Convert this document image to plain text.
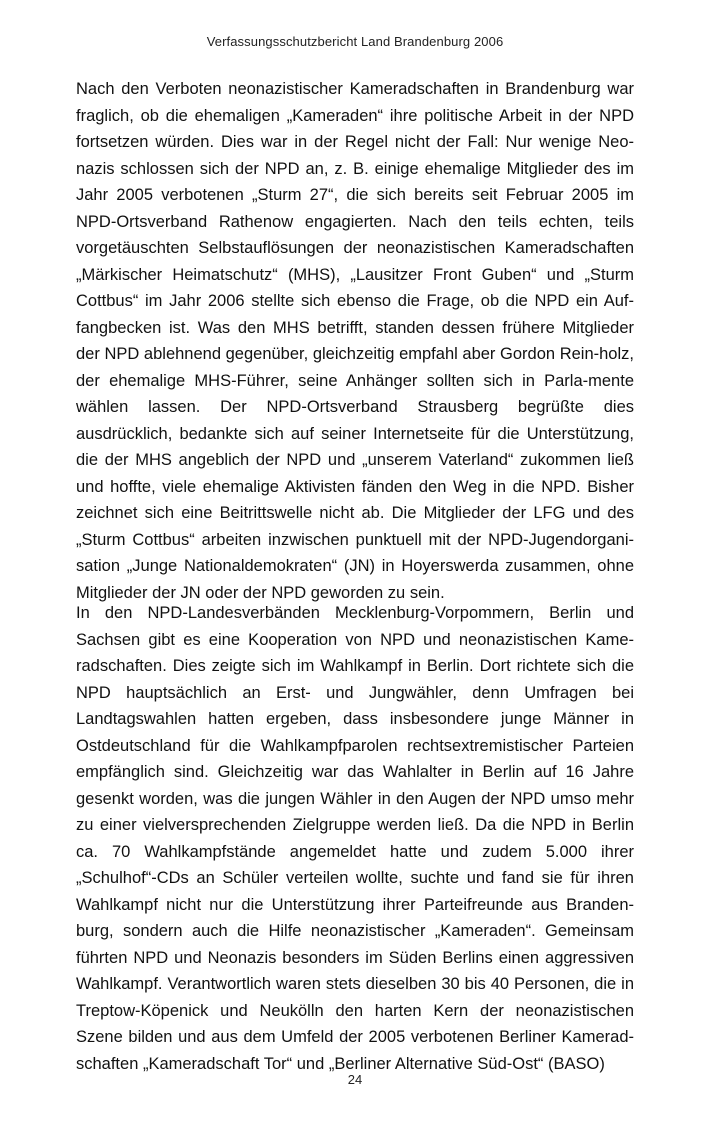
Verfassungsschutzbericht Land Brandenburg 2006

Nach den Verboten neonazistischer Kameradschaften in Brandenburg war fraglich, ob die ehemaligen „Kameraden“ ihre politische Arbeit in der NPD fortsetzen würden. Dies war in der Regel nicht der Fall: Nur wenige Neo-nazis schlossen sich der NPD an, z. B. einige ehemalige Mitglieder des im Jahr 2005 verbotenen „Sturm 27“, die sich bereits seit Februar 2005 im NPD-Ortsverband Rathenow engagierten. Nach den teils echten, teils vorgetäuschten Selbstauflösungen der neonazistischen Kameradschaften „Märkischer Heimatschutz“ (MHS), „Lausitzer Front Guben“ und „Sturm Cottbus“ im Jahr 2006 stellte sich ebenso die Frage, ob die NPD ein Auf-fangbecken ist. Was den MHS betrifft, standen dessen frühere Mitglieder der NPD ablehnend gegenüber, gleichzeitig empfahl aber Gordon Rein-holz, der ehemalige MHS-Führer, seine Anhänger sollten sich in Parla-mente wählen lassen. Der NPD-Ortsverband Strausberg begrüßte dies ausdrücklich, bedankte sich auf seiner Internetseite für die Unterstützung, die der MHS angeblich der NPD und „unserem Vaterland“ zukommen ließ und hoffte, viele ehemalige Aktivisten fänden den Weg in die NPD. Bisher zeichnet sich eine Beitrittswelle nicht ab. Die Mitglieder der LFG und des „Sturm Cottbus“ arbeiten inzwischen punktuell mit der NPD-Jugendorgani-sation „Junge Nationaldemokraten“ (JN) in Hoyerswerda zusammen, ohne Mitglieder der JN oder der NPD geworden zu sein.

In den NPD-Landesverbänden Mecklenburg-Vorpommern, Berlin und Sachsen gibt es eine Kooperation von NPD und neonazistischen Kame-radschaften. Dies zeigte sich im Wahlkampf in Berlin. Dort richtete sich die NPD hauptsächlich an Erst- und Jungwähler, denn Umfragen bei Landtagswahlen hatten ergeben, dass insbesondere junge Männer in Ostdeutschland für die Wahlkampfparolen rechtsextremistischer Parteien empfänglich sind. Gleichzeitig war das Wahlalter in Berlin auf 16 Jahre gesenkt worden, was die jungen Wähler in den Augen der NPD umso mehr zu einer vielversprechenden Zielgruppe werden ließ. Da die NPD in Berlin ca. 70 Wahlkampfstände angemeldet hatte und zudem 5.000 ihrer „Schulhof“-CDs an Schüler verteilen wollte, suchte und fand sie für ihren Wahlkampf nicht nur die Unterstützung ihrer Parteifreunde aus Branden-burg, sondern auch die Hilfe neonazistischer „Kameraden“. Gemeinsam führten NPD und Neonazis besonders im Süden Berlins einen aggressiven Wahlkampf. Verantwortlich waren stets dieselben 30 bis 40 Personen, die in Treptow-Köpenick und Neukölln den harten Kern der neonazistischen Szene bilden und aus dem Umfeld der 2005 verbotenen Berliner Kamerad-schaften „Kameradschaft Tor“ und „Berliner Alternative Süd-Ost“ (BASO)

24
